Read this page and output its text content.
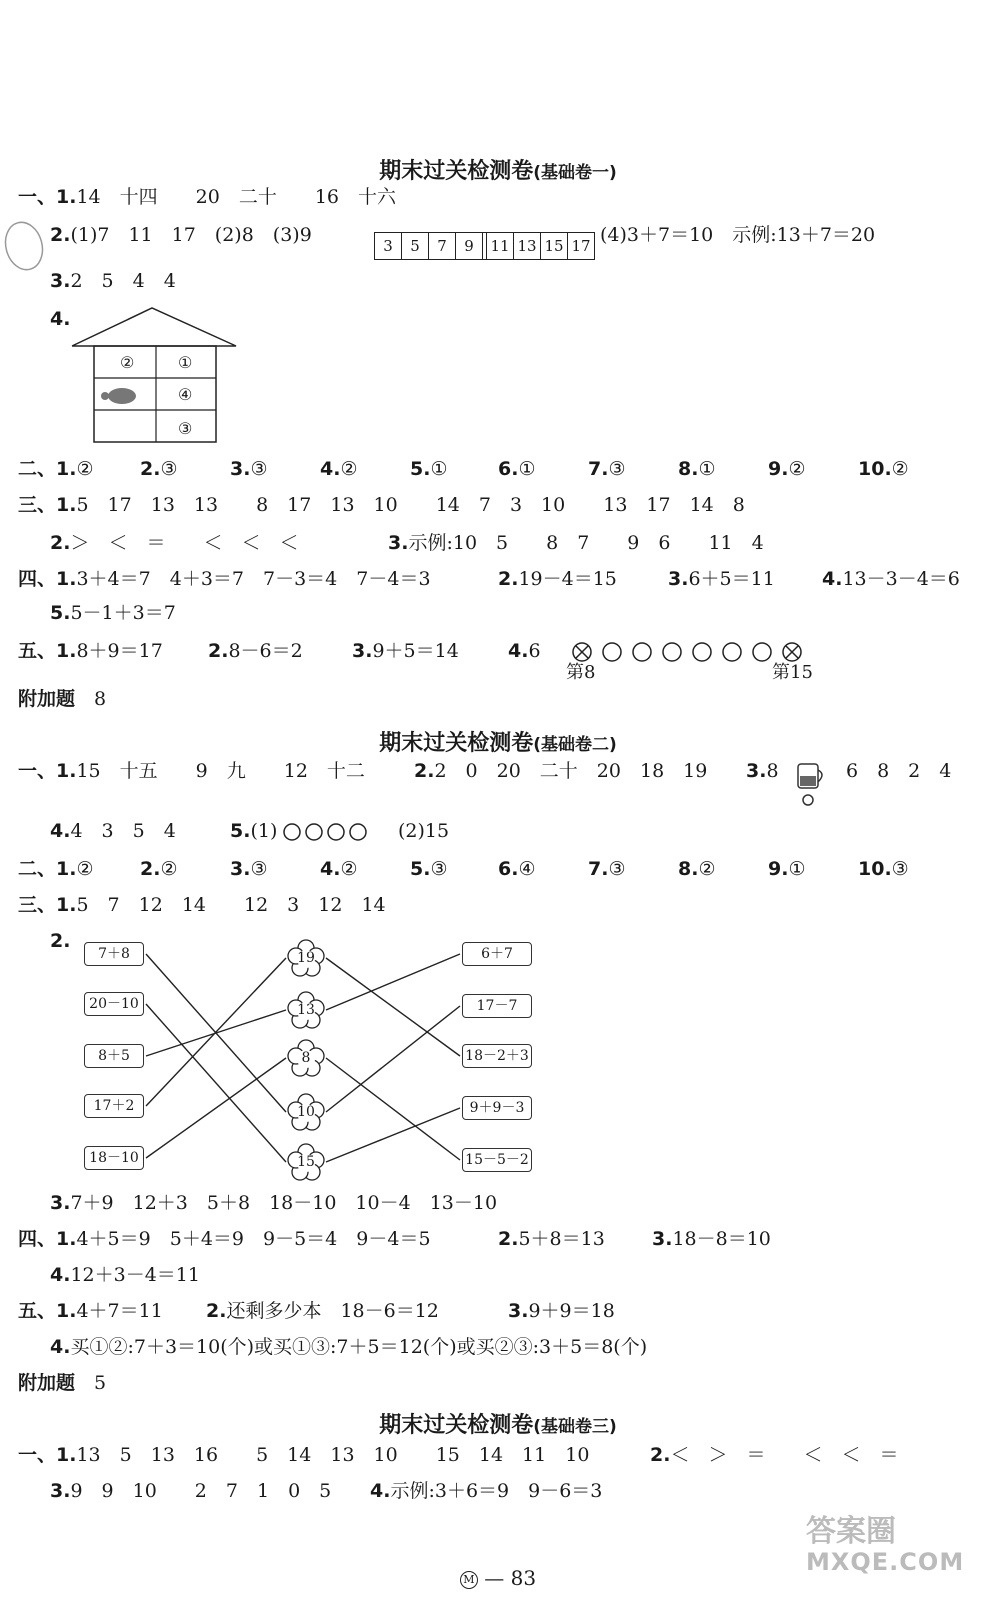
期末过关检测卷(基础卷一)
一、1.14　十四　　20　二十　　16　十六
2.(1)7　11　17　(2)8　(3)9	3	5	7	9	11 13 15 17 (4)3＋7＝10　示例:13＋7＝20
3.2　5　4　4
4.
②	①
④
③
二、1.② 2.③	3.③	4.②	5.①	6.①	7.③	8.①	9.②	10.②
三、1.5　17　13　13　　8　17　13　10　　14　7　3　10　　13　17　14　8
2.＞　＜　＝　　＜　＜　＜	3.示例:10　5　　8　7　　9　6　　11　4
四、1.3＋4＝7　4＋3＝7　7－3＝4　7－4＝3	2.19－4＝15	3.6＋5＝11 4.13－3－4＝6
5.5－1＋3＝7
五、1.8＋9＝17 2.8－6＝2	3.9＋5＝14	4.6
第8	第15
附加题　 8
期末过关检测卷(基础卷二)
一、1.15　十五　　9　九　　12　十二	2.2　0　20　二十　20　18　19 3.8	6　8　2　4
4.4　3　5　4	5.(1)	(2)15
二、1.② 2.②	3.③	4.②	5.③	6.④	7.③	8.②	9.①	10.③
三、1.5　7　12　14　　12　3　12　14
2.
7＋8
20－10
8＋5
17＋2
18－10
19
13
8
10
15
6＋7
17－7
18－2＋3
9＋9－3
15－5－2
3.7＋9　12＋3　5＋8　18－10　10－4　13－10
四、1.4＋5＝9　5＋4＝9　9－5＝4　9－4＝5	2.5＋8＝13 3.18－8＝10
4.12＋3－4＝11
五、1.4＋7＝11 2.还剩多少本　18－6＝12	3.9＋9＝18
4.买①②:7＋3＝10(个)或买①③:7＋5＝12(个)或买②③:3＋5＝8(个)
附加题　 5
期末过关检测卷(基础卷三)
一、1.13　5　13　16　　5　14　13　10　　15　14　11　10	2.＜　＞　＝　　＜　＜　＝
3.9　9　10　　2　7　1　0　5 4.示例:3＋6＝9　9－6＝3
答案圈
MXQE.COM
M — 83
